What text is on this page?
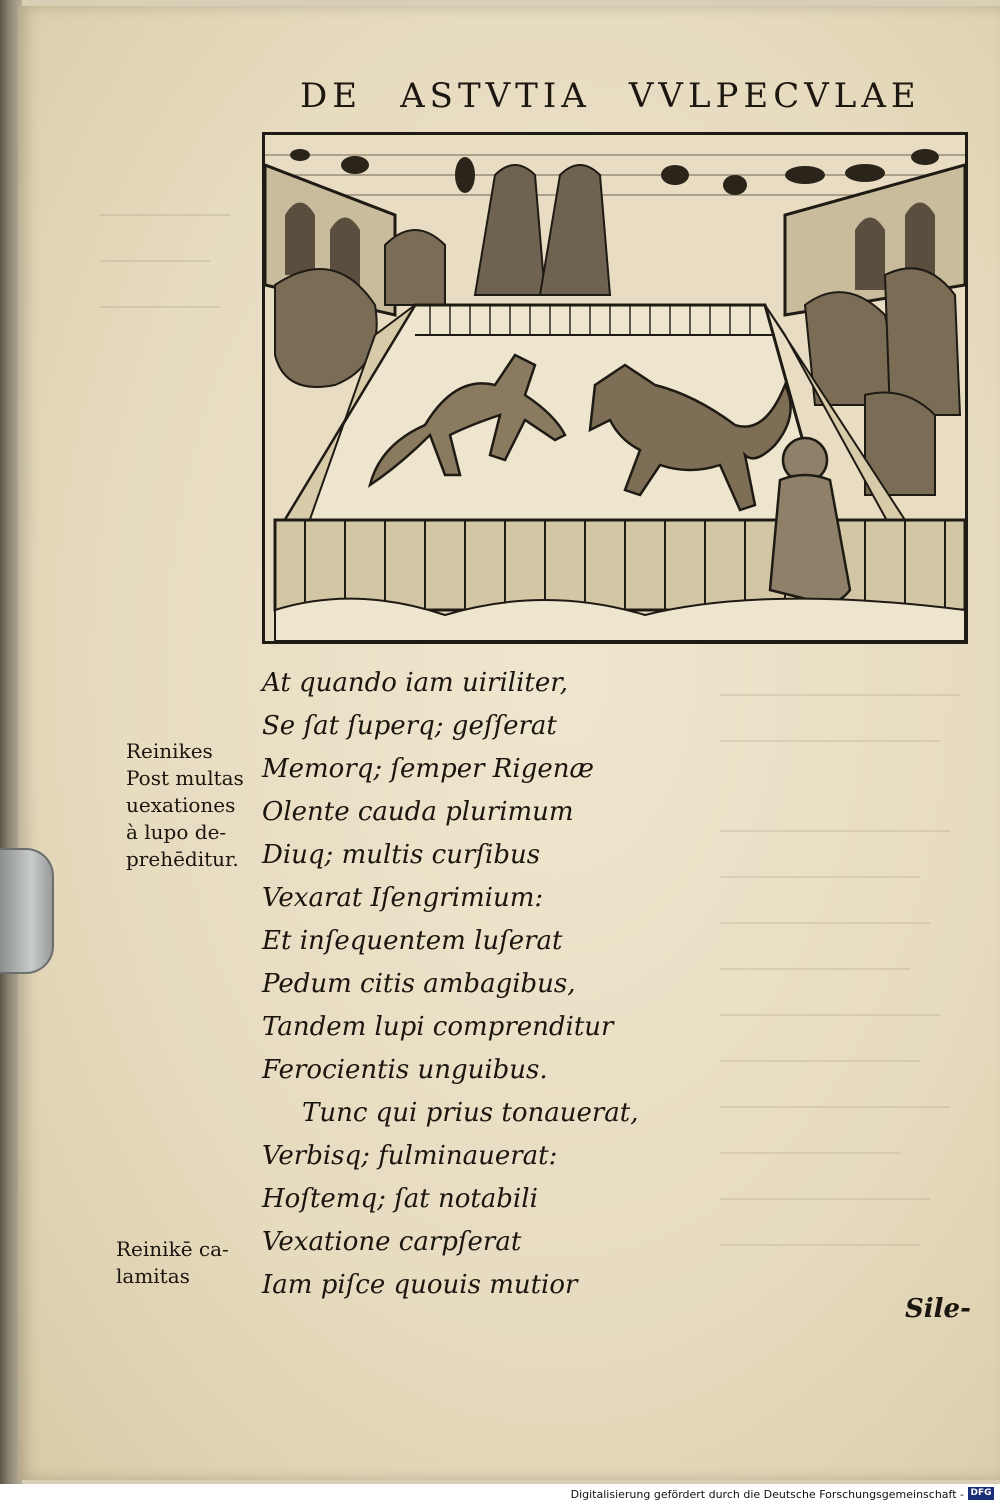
DE ASTVTIA VVLPECVLAE
At quando iam uiriliter,
Se ſat ſuperq; geſſerat
Memorq; ſemper Rigenæ
Olente cauda plurimum
Diuq; multis curſibus
Vexarat Iſengrimium:
Et inſequentem luſerat
Pedum citis ambagibus,
Tandem lupi comprenditur
Ferocientis unguibus.
Tunc qui prius tonauerat,
Verbisq; fulminauerat:
Hoſtemq; ſat notabili
Vexatione carpſerat
Iam piſce quouis mutior
Reinikes
Post multas
uexationes
à lupo de-
prehēditur.
Reinikē ca-
lamitas
Sile-
Digitalisierung gefördert durch die Deutsche Forschungsgemeinschaft - DFG
